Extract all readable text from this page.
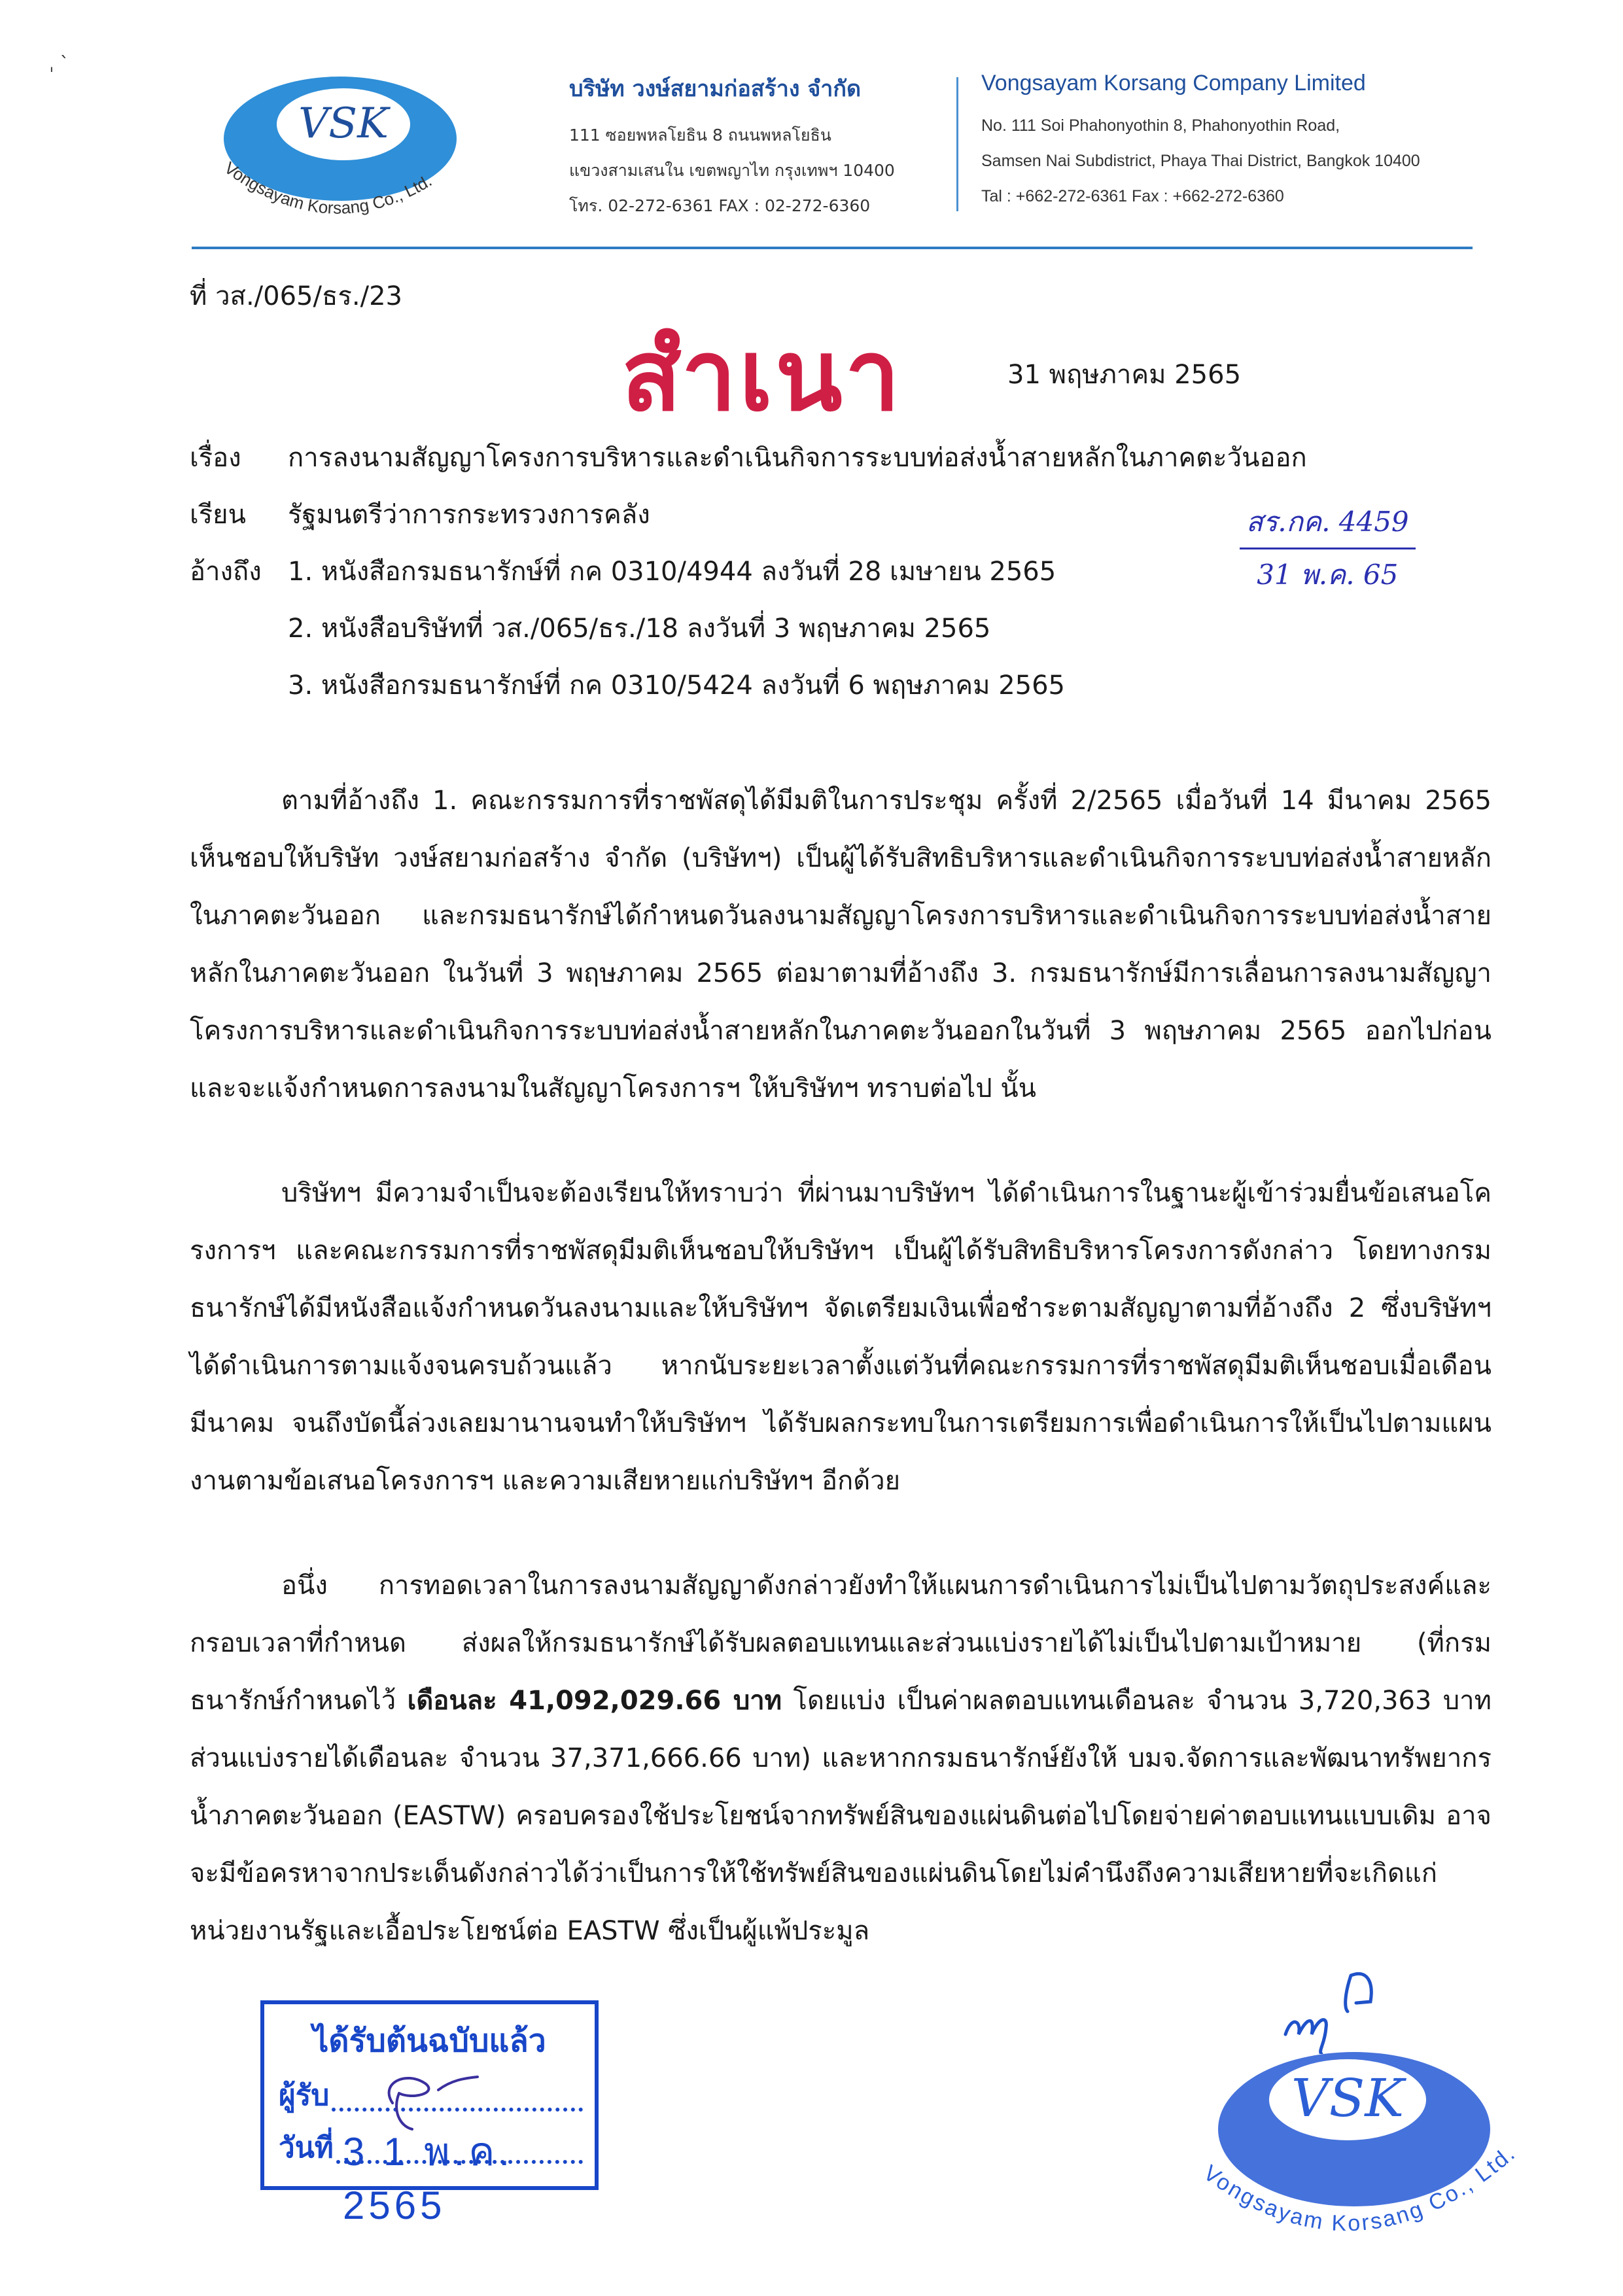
ˌ ˋ
VSK
Vongsayam Korsang Co., Ltd.
บริษัท วงษ์สยามก่อสร้าง จำกัด
111 ซอยพหลโยธิน 8 ถนนพหลโยธิน
แขวงสามเสนใน เขตพญาไท กรุงเทพฯ 10400
โทร. 02-272-6361 FAX : 02-272-6360
Vongsayam Korsang Company Limited
No. 111 Soi Phahonyothin 8, Phahonyothin Road,
Samsen Nai Subdistrict, Phaya Thai District, Bangkok 10400
Tal : +662-272-6361 Fax : +662-272-6360
ที่ วส./065/ธร./23
สำเนา	31 พฤษภาคม 2565
เรื่อง	การลงนามสัญญาโครงการบริหารและดำเนินกิจการระบบท่อส่งน้ำสายหลักในภาคตะวันออก
เรียน	รัฐมนตรีว่าการกระทรวงการคลัง
อ้างถึง	1. หนังสือกรมธนารักษ์ที่ กค 0310/4944 ลงวันที่ 28 เมษายน 2565
2. หนังสือบริษัทที่ วส./065/ธร./18 ลงวันที่ 3 พฤษภาคม 2565
3. หนังสือกรมธนารักษ์ที่ กค 0310/5424 ลงวันที่ 6 พฤษภาคม 2565
สร.กค. 4459
31 พ.ค. 65
ตามที่อ้างถึง 1. คณะกรรมการที่ราชพัสดุได้มีมติในการประชุม ครั้งที่ 2/2565 เมื่อวันที่ 14 มีนาคม 2565 เห็นชอบให้บริษัท วงษ์สยามก่อสร้าง จำกัด (บริษัทฯ) เป็นผู้ได้รับสิทธิบริหารและดำเนินกิจการระบบท่อส่งน้ำสายหลักในภาคตะวันออก และกรมธนารักษ์ได้กำหนดวันลงนามสัญญาโครงการบริหารและดำเนินกิจการระบบท่อส่งน้ำสายหลักในภาคตะวันออก ในวันที่ 3 พฤษภาคม 2565 ต่อมาตามที่อ้างถึง 3. กรมธนารักษ์มีการเลื่อนการลงนามสัญญาโครงการบริหารและดำเนินกิจการระบบท่อส่งน้ำสายหลักในภาคตะวันออกในวันที่ 3 พฤษภาคม 2565 ออกไปก่อน และจะแจ้งกำหนดการลงนามในสัญญาโครงการฯ ให้บริษัทฯ ทราบต่อไป นั้น
บริษัทฯ มีความจำเป็นจะต้องเรียนให้ทราบว่า ที่ผ่านมาบริษัทฯ ได้ดำเนินการในฐานะผู้เข้าร่วมยื่นข้อเสนอโครงการฯ และคณะกรรมการที่ราชพัสดุมีมติเห็นชอบให้บริษัทฯ เป็นผู้ได้รับสิทธิบริหารโครงการดังกล่าว โดยทางกรมธนารักษ์ได้มีหนังสือแจ้งกำหนดวันลงนามและให้บริษัทฯ จัดเตรียมเงินเพื่อชำระตามสัญญาตามที่อ้างถึง 2 ซึ่งบริษัทฯ ได้ดำเนินการตามแจ้งจนครบถ้วนแล้ว หากนับระยะเวลาตั้งแต่วันที่คณะกรรมการที่ราชพัสดุมีมติเห็นชอบเมื่อเดือนมีนาคม จนถึงบัดนี้ล่วงเลยมานานจนทำให้บริษัทฯ ได้รับผลกระทบในการเตรียมการเพื่อดำเนินการให้เป็นไปตามแผนงานตามข้อเสนอโครงการฯ และความเสียหายแก่บริษัทฯ อีกด้วย
อนึ่ง การทอดเวลาในการลงนามสัญญาดังกล่าวยังทำให้แผนการดำเนินการไม่เป็นไปตามวัตถุประสงค์และกรอบเวลาที่กำหนด ส่งผลให้กรมธนารักษ์ได้รับผลตอบแทนและส่วนแบ่งรายได้ไม่เป็นไปตามเป้าหมาย (ที่กรมธนารักษ์กำหนดไว้ เดือนละ 41,092,029.66 บาท โดยแบ่ง เป็นค่าผลตอบแทนเดือนละ จำนวน 3,720,363 บาท ส่วนแบ่งรายได้เดือนละ จำนวน 37,371,666.66 บาท) และหากกรมธนารักษ์ยังให้ บมจ.จัดการและพัฒนาทรัพยากรน้ำภาคตะวันออก (EASTW) ครอบครองใช้ประโยชน์จากทรัพย์สินของแผ่นดินต่อไปโดยจ่ายค่าตอบแทนแบบเดิม อาจจะมีข้อครหาจากประเด็นดังกล่าวได้ว่าเป็นการให้ใช้ทรัพย์สินของแผ่นดินโดยไม่คำนึงถึงความเสียหายที่จะเกิดแก่หน่วยงานรัฐและเอื้อประโยชน์ต่อ EASTW ซึ่งเป็นผู้แพ้ประมูล
ได้รับต้นฉบับแล้ว
ผู้รับ
วันที่ 3 1 พ.ค. 2565
VSK
Vongsayam Korsang Co., Ltd.
